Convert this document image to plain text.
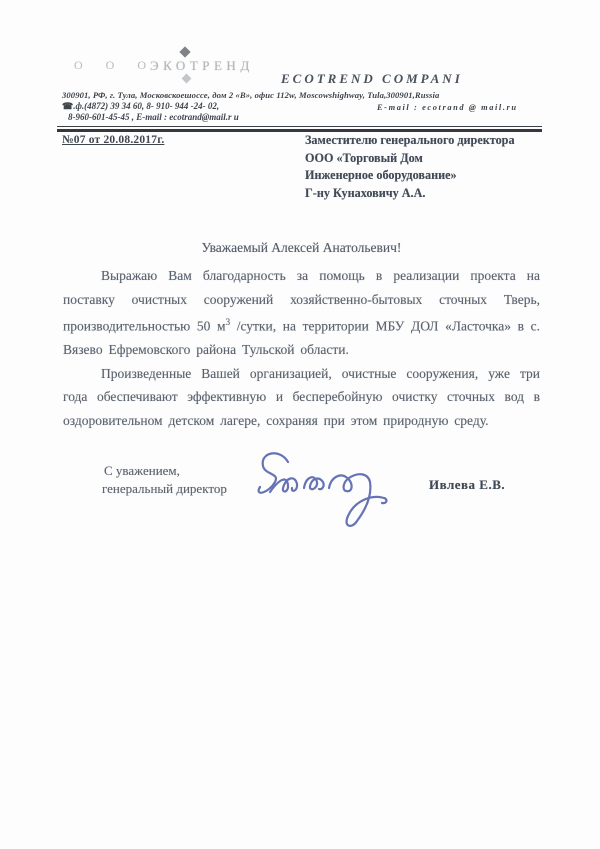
О О О
ЭКОТРЕНД
ECOTREND COMPANI
300901, РФ, г. Тула, Московскоешоссе, дом 2 «В», офис 112w, Moscowshighway, Tula,300901,Russia
☎.ф.(4872) 39 34 60, 8- 910- 944 -24- 02,	E-mail : ecotrand @ mail.ru
8-960-601-45-45 , E-mail : ecotrand@mail.r u
№07 от 20.08.2017г.	Заместителю генерального директора
ООО «Торговый Дом
Инженерное оборудование»
Г-ну Кунаховичу А.А.
Уважаемый Алексей Анатольевич!

Выражаю Вам благодарность за помощь в реализации проекта на поставку очистных сооружений хозяйственно-бытовых сточных Тверь, производительностью 50 $м^3$ /сутки, на территории МБУ ДОЛ «Ласточка» в с. Вязево Ефремовского района Тульской области.

Произведенные Вашей организацией, очистные сооружения, уже три года обеспечивают эффективную и бесперебойную очистку сточных вод в оздоровительном детском лагере, сохраняя при этом природную среду.

С уважением,
генеральный директор	Ивлева Е.В.
